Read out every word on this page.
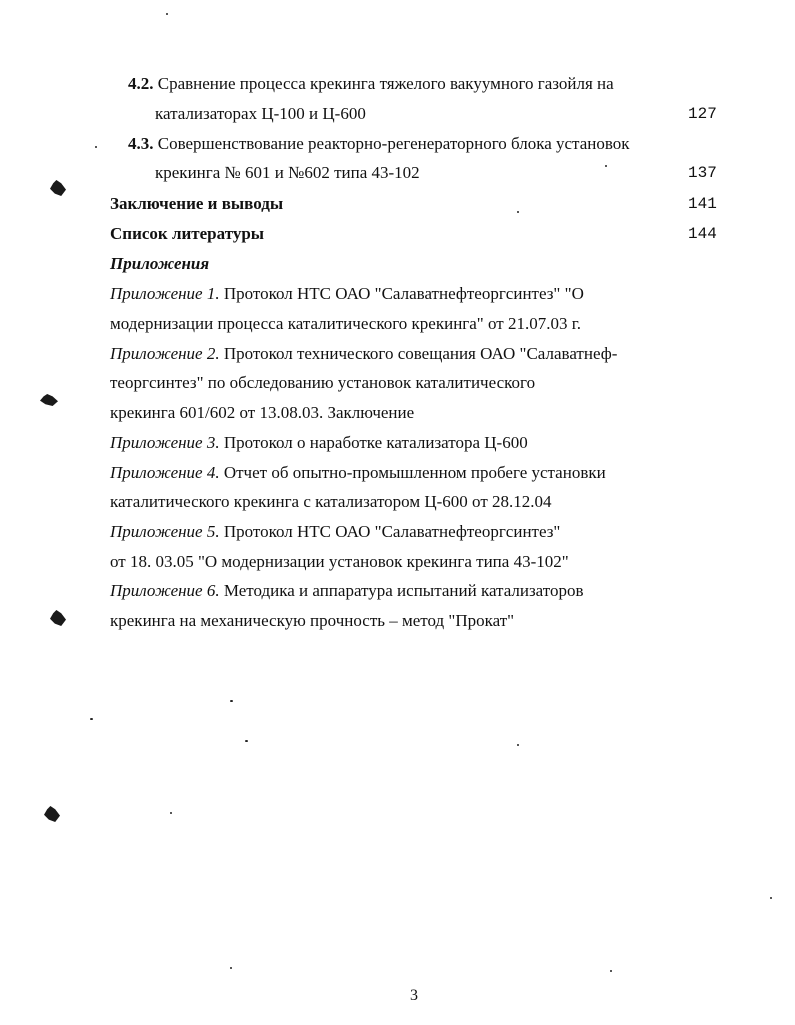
4.2. Сравнение процесса крекинга тяжелого вакуумного газойля на
катализаторах Ц-100 и Ц-600	127
4.3. Совершенствование реакторно-регенераторного блока установок
крекинга № 601 и №602 типа 43-102	137
Заключение и выводы	141
Список литературы	144
Приложения
Приложение 1. Протокол НТС ОАО "Салаватнефтеоргсинтез" "О
модернизации процесса каталитического крекинга" от 21.07.03 г.
Приложение 2. Протокол технического совещания ОАО "Салаватнеф-
теоргсинтез" по обследованию установок каталитического
крекинга 601/602 от 13.08.03. Заключение
Приложение 3. Протокол о наработке катализатора Ц-600
Приложение 4. Отчет об опытно-промышленном пробеге установки
каталитического крекинга с катализатором Ц-600 от 28.12.04
Приложение 5. Протокол НТС ОАО "Салаватнефтеоргсинтез"
от 18. 03.05 "О модернизации установок крекинга типа 43-102"
Приложение 6. Методика и аппаратура испытаний катализаторов
крекинга на механическую прочность – метод "Прокат"
3
